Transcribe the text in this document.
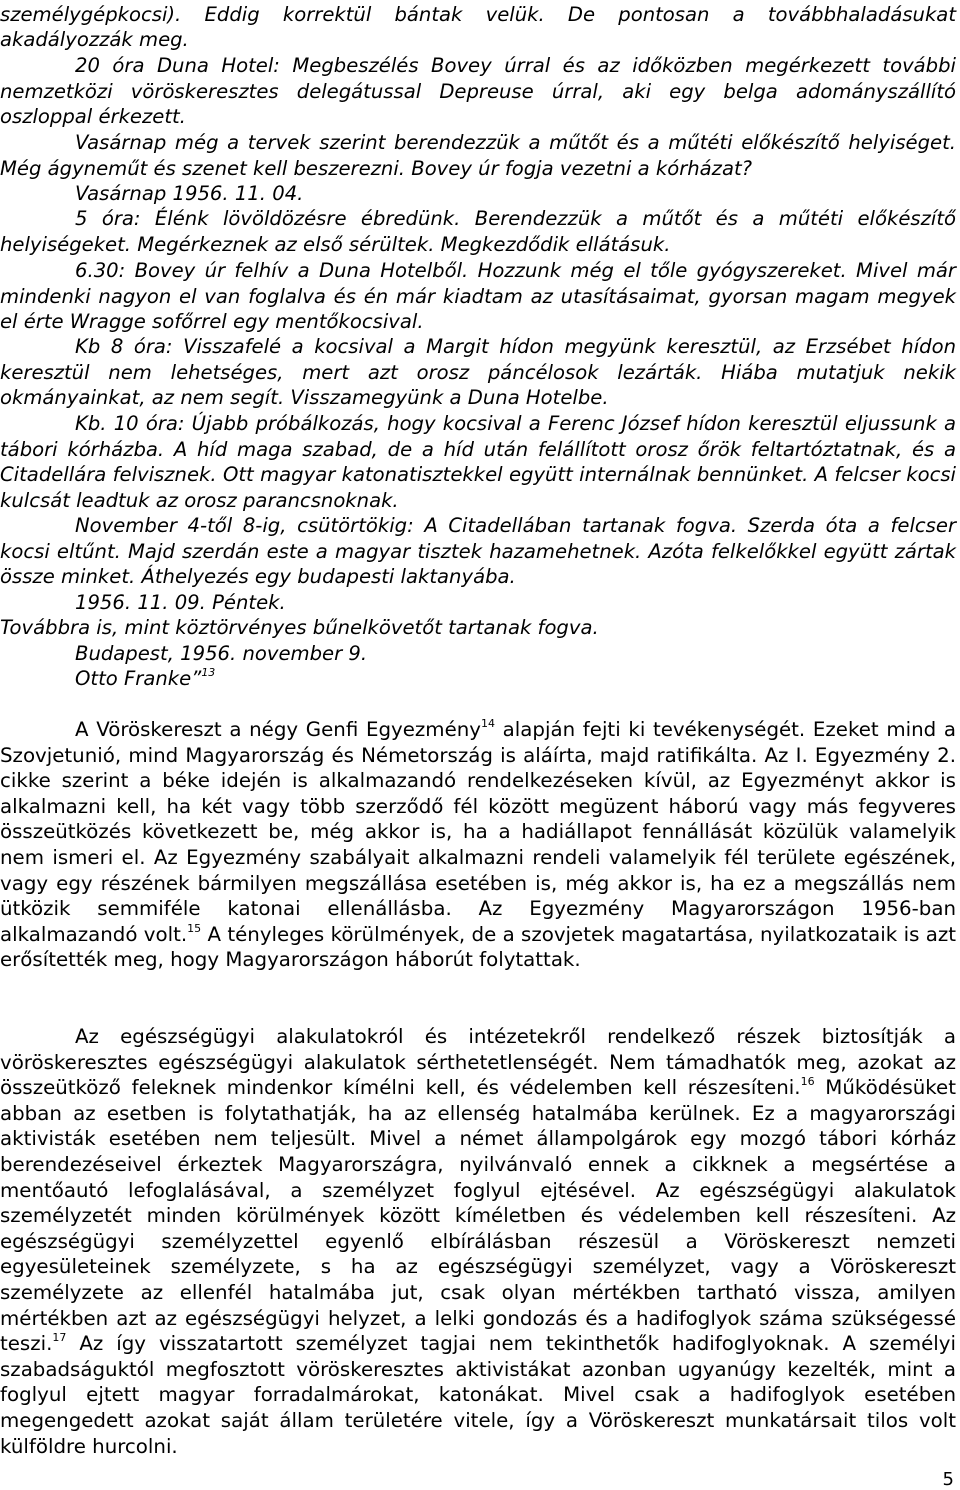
személygépkocsi). Eddig korrektül bántak velük. De pontosan a továbbhaladásukat

akadályozzák meg.

20 óra Duna Hotel: Megbeszélés Bovey úrral és az időközben megérkezett további nemzetközi vöröskeresztes delegátussal Depreuse úrral, aki egy belga adományszállító oszloppal érkezett.

Vasárnap még a tervek szerint berendezzük a műtőt és a műtéti előkészítő helyiséget. Még ágyneműt és szenet kell beszerezni. Bovey úr fogja vezetni a kórházat?

Vasárnap 1956. 11. 04.

5 óra: Élénk lövöldözésre ébredünk. Berendezzük a műtőt és a műtéti előkészítő helyiségeket. Megérkeznek az első sérültek. Megkezdődik ellátásuk.

6.30: Bovey úr felhív a Duna Hotelből. Hozzunk még el tőle gyógyszereket. Mivel már mindenki nagyon el van foglalva és én már kiadtam az utasításaimat, gyorsan magam megyek el érte Wragge sofőrrel egy mentőkocsival.

Kb 8 óra: Visszafelé a kocsival a Margit hídon megyünk keresztül, az Erzsébet hídon keresztül nem lehetséges, mert azt orosz páncélosok lezárták. Hiába mutatjuk nekik okmányainkat, az nem segít. Visszamegyünk a Duna Hotelbe.

Kb. 10 óra: Újabb próbálkozás, hogy kocsival a Ferenc József hídon keresztül eljussunk a tábori kórházba. A híd maga szabad, de a híd után felállított orosz őrök feltartóztatnak, és a Citadellára felvisznek. Ott magyar katonatisztekkel együtt internálnak bennünket. A felcser kocsi kulcsát leadtuk az orosz parancsnoknak.

November 4-től 8-ig, csütörtökig: A Citadellában tartanak fogva. Szerda óta a felcser kocsi eltűnt. Majd szerdán este a magyar tisztek hazamehetnek. Azóta felkelőkkel együtt zártak össze minket. Áthelyezés egy budapesti laktanyába.

1956. 11. 09. Péntek.

Továbbra is, mint köztörvényes bűnelkövetőt tartanak fogva.

Budapest, 1956. november 9.

Otto Franke”$^{13}$

A Vöröskereszt a négy Genfi Egyezmény$^{14}$ alapján fejti ki tevékenységét. Ezeket mind a Szovjetunió, mind Magyarország és Németország is aláírta, majd ratifikálta. Az I. Egyezmény 2. cikke szerint a béke idején is alkalmazandó rendelkezéseken kívül, az Egyezményt akkor is alkalmazni kell, ha két vagy több szerződő fél között megüzent háború vagy más fegyveres összeütközés következett be, még akkor is, ha a hadiállapot fennállását közülük valamelyik nem ismeri el. Az Egyezmény szabályait alkalmazni rendeli valamelyik fél területe egészének, vagy egy részének bármilyen megszállása esetében is, még akkor is, ha ez a megszállás nem ütközik semmiféle katonai ellenállásba. Az Egyezmény Magyarországon 1956-ban alkalmazandó volt.$^{15}$ A tényleges körülmények, de a szovjetek magatartása, nyilatkozataik is azt erősítették meg, hogy Magyarországon háborút folytattak.

Az egészségügyi alakulatokról és intézetekről rendelkező részek biztosítják a vöröskeresztes egészségügyi alakulatok sérthetetlenségét. Nem támadhatók meg, azokat az összeütköző feleknek mindenkor kímélni kell, és védelemben kell részesíteni.$^{16}$ Működésüket abban az esetben is folytathatják, ha az ellenség hatalmába kerülnek. Ez a magyarországi aktivisták esetében nem teljesült. Mivel a német állampolgárok egy mozgó tábori kórház berendezéseivel érkeztek Magyarországra, nyilvánvaló ennek a cikknek a megsértése a mentőautó lefoglalásával, a személyzet foglyul ejtésével. Az egészségügyi alakulatok személyzetét minden körülmények között kíméletben és védelemben kell részesíteni. Az egészségügyi személyzettel egyenlő elbírálásban részesül a Vöröskereszt nemzeti egyesületeinek személyzete, s ha az egészségügyi személyzet, vagy a Vöröskereszt személyzete az ellenfél hatalmába jut, csak olyan mértékben tartható vissza, amilyen mértékben azt az egészségügyi helyzet, a lelki gondozás és a hadifoglyok száma szükségessé teszi.$^{17}$ Az így visszatartott személyzet tagjai nem tekinthetők hadifoglyoknak. A személyi szabadságuktól megfosztott vöröskeresztes aktivistákat azonban ugyanúgy kezelték, mint a foglyul ejtett magyar forradalmárokat, katonákat. Mivel csak a hadifoglyok esetében megengedett azokat saját állam területére vitele, így a Vöröskereszt munkatársait tilos volt külföldre hurcolni.

5
